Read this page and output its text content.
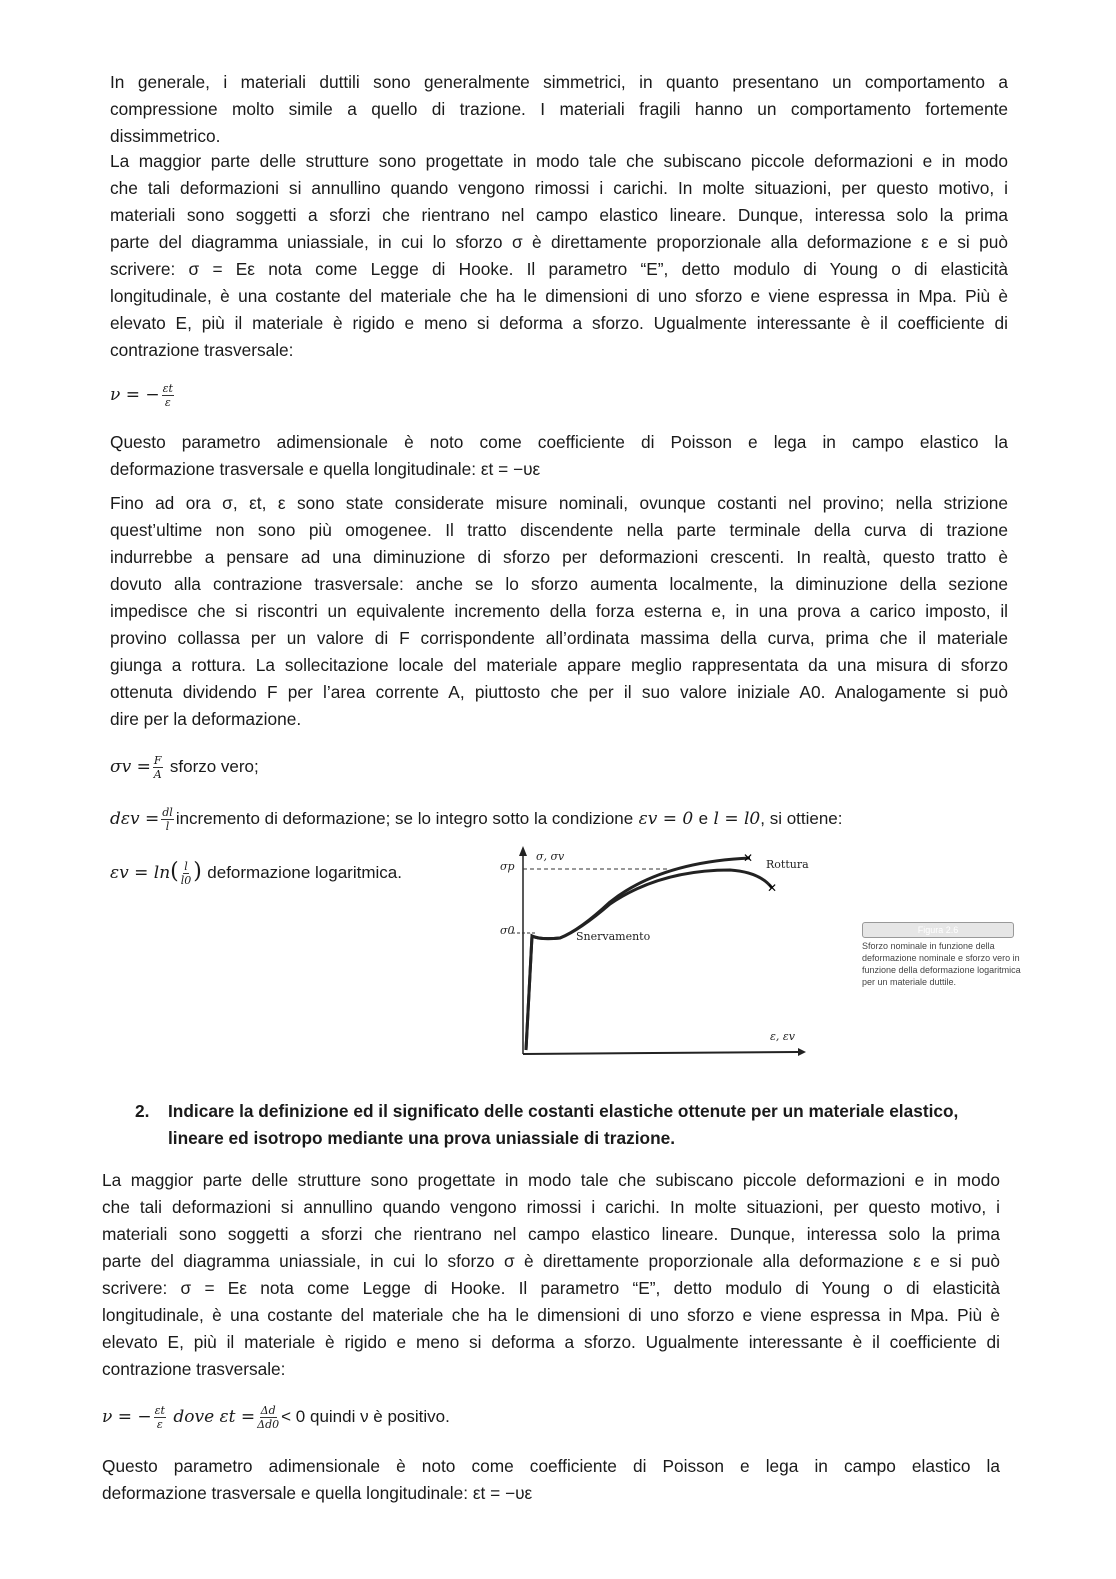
In generale, i materiali duttili sono generalmente simmetrici, in quanto presentano un comportamento a
compressione molto simile a quello di trazione. I materiali fragili hanno un comportamento fortemente
dissimmetrico.
La maggior parte delle strutture sono progettate in modo tale che subiscano piccole deformazioni e in modo
che tali deformazioni si annullino quando vengono rimossi i carichi. In molte situazioni, per questo motivo, i
materiali sono soggetti a sforzi che rientrano nel campo elastico lineare. Dunque, interessa solo la prima
parte del diagramma uniassiale, in cui lo sforzo σ è direttamente proporzionale alla deformazione ε e si può
scrivere: σ = Eε nota come Legge di Hooke. Il parametro “E”, detto modulo di Young o di elasticità
longitudinale, è una costante del materiale che ha le dimensioni di uno sforzo e viene espressa in Mpa. Più è
elevato E, più il materiale è rigido e meno si deforma a sforzo. Ugualmente interessante è il coefficiente di
contrazione trasversale:
ν = − $\frac{\varepsilon t}{\varepsilon}$
Questo parametro adimensionale è noto come coefficiente di Poisson e lega in campo elastico la
deformazione trasversale e quella longitudinale: εt = −υε
Fino ad ora σ, εt, ε sono state considerate misure nominali, ovunque costanti nel provino; nella strizione
quest’ultime non sono più omogenee. Il tratto discendente nella parte terminale della curva di trazione
indurrebbe a pensare ad una diminuzione di sforzo per deformazioni crescenti. In realtà, questo tratto è
dovuto alla contrazione trasversale: anche se lo sforzo aumenta localmente, la diminuzione della sezione
impedisce che si riscontri un equivalente incremento della forza esterna e, in una prova a carico imposto, il
provino collassa per un valore di F corrispondente all’ordinata massima della curva, prima che il materiale
giunga a rottura. La sollecitazione locale del materiale appare meglio rappresentata da una misura di sforzo
ottenuta dividendo F per l’area corrente A, piuttosto che per il suo valore iniziale A0. Analogamente si può
dire per la deformazione.
$\sigma v = \frac{F}{A}$ sforzo vero;
$d\varepsilon v = \frac{dl}{l}$ incremento di deformazione; se lo integro sotto la condizione εv = 0 e l = l0, si ottiene:
$\varepsilon v = \ln( \frac{l}{l0}$ ) deformazione logaritmica.
✕
✕
σ, σv
σp
σ0	Snervamento
Rottura
ε, εv
Figura 2.6
Sforzo nominale in funzione della deformazione nominale e sforzo vero in funzione della deformazione logaritmica per un materiale duttile.
2. Indicare la definizione ed il significato delle costanti elastiche ottenute per un materiale elastico,
lineare ed isotropo mediante una prova uniassiale di trazione.
La maggior parte delle strutture sono progettate in modo tale che subiscano piccole deformazioni e in modo
che tali deformazioni si annullino quando vengono rimossi i carichi. In molte situazioni, per questo motivo, i
materiali sono soggetti a sforzi che rientrano nel campo elastico lineare. Dunque, interessa solo la prima
parte del diagramma uniassiale, in cui lo sforzo σ è direttamente proporzionale alla deformazione ε e si può
scrivere: σ = Eε nota come Legge di Hooke. Il parametro “E”, detto modulo di Young o di elasticità
longitudinale, è una costante del materiale che ha le dimensioni di uno sforzo e viene espressa in Mpa. Più è
elevato E, più il materiale è rigido e meno si deforma a sforzo. Ugualmente interessante è il coefficiente di
contrazione trasversale:
ν = − $\frac{\varepsilon t}{\varepsilon}$ dove $\varepsilon t = \frac{\Delta d}{\Delta d0} < 0$ quindi ν è positivo.
Questo parametro adimensionale è noto come coefficiente di Poisson e lega in campo elastico la
deformazione trasversale e quella longitudinale: εt = −υε
